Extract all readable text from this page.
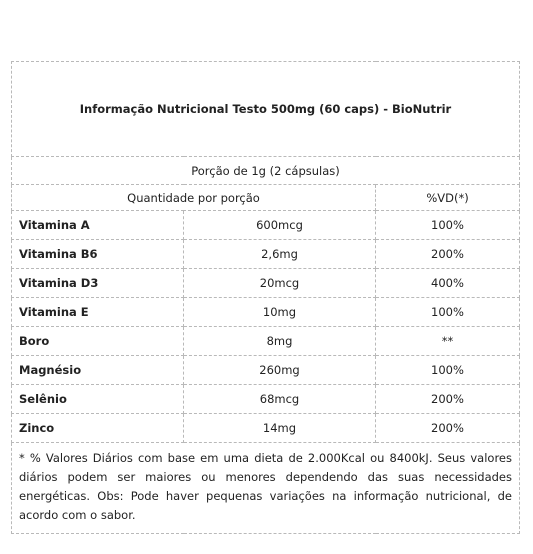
Informação Nutricional Testo 500mg (60 caps) - BioNutrir		
Porção de 1g (2 cápsulas)		
Quantidade por porção		%VD(*)
Vitamina A	600mcg	100%
Vitamina B6	2,6mg	200%
Vitamina D3	20mcg	400%
Vitamina E	10mg	100%
Boro	8mg	**
Magnésio	260mg	100%
Selênio	68mcg	200%
Zinco	14mg	200%
* % Valores Diários com base em uma dieta de 2.000Kcal ou 8400kJ. Seus valores diários podem ser maiores ou menores dependendo das suas necessidades energéticas. Obs: Pode haver pequenas variações na informação nutricional, de acordo com o sabor.		
